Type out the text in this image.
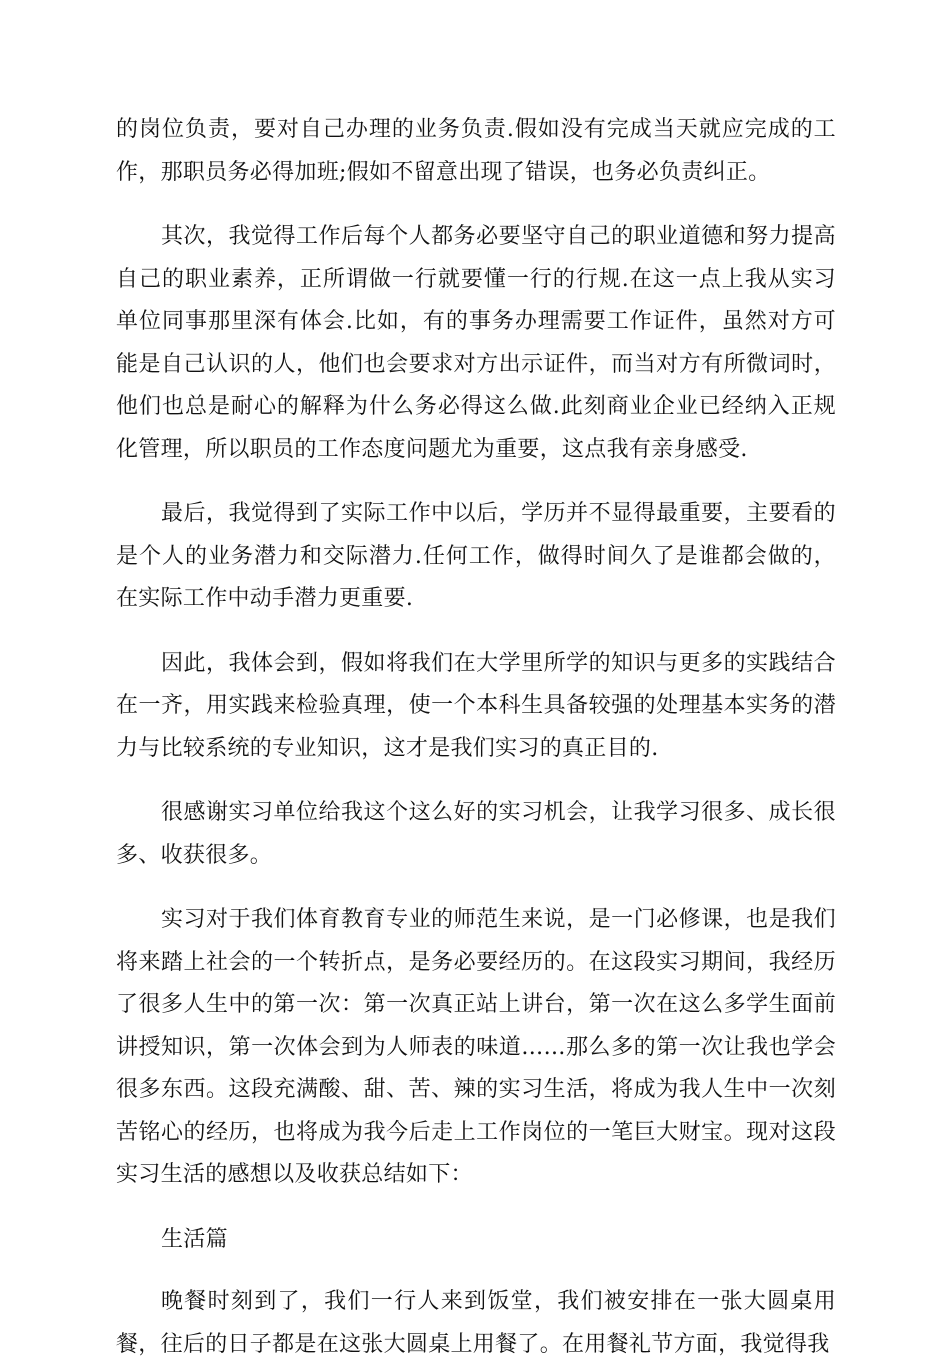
的岗位负责，要对自己办理的业务负责.假如没有完成当天就应完成的工作，那职员务必得加班;假如不留意出现了错误，也务必负责纠正。

其次，我觉得工作后每个人都务必要坚守自己的职业道德和努力提高自己的职业素养，正所谓做一行就要懂一行的行规.在这一点上我从实习单位同事那里深有体会.比如，有的事务办理需要工作证件，虽然对方可能是自己认识的人，他们也会要求对方出示证件，而当对方有所微词时，他们也总是耐心的解释为什么务必得这么做.此刻商业企业已经纳入正规化管理，所以职员的工作态度问题尤为重要，这点我有亲身感受.

最后，我觉得到了实际工作中以后，学历并不显得最重要，主要看的是个人的业务潜力和交际潜力.任何工作，做得时间久了是谁都会做的，在实际工作中动手潜力更重要.

因此，我体会到，假如将我们在大学里所学的知识与更多的实践结合在一齐，用实践来检验真理，使一个本科生具备较强的处理基本实务的潜力与比较系统的专业知识，这才是我们实习的真正目的.

很感谢实习单位给我这个这么好的实习机会，让我学习很多、成长很多、收获很多。

实习对于我们体育教育专业的师范生来说，是一门必修课，也是我们将来踏上社会的一个转折点，是务必要经历的。在这段实习期间，我经历了很多人生中的第一次：第一次真正站上讲台，第一次在这么多学生面前讲授知识，第一次体会到为人师表的味道……那么多的第一次让我也学会很多东西。这段充满酸、甜、苦、辣的实习生活，将成为我人生中一次刻苦铭心的经历，也将成为我今后走上工作岗位的一笔巨大财宝。现对这段实习生活的感想以及收获总结如下：

生活篇

晚餐时刻到了，我们一行人来到饭堂，我们被安排在一张大圆桌用餐，往后的日子都是在这张大圆桌上用餐了。在用餐礼节方面，我觉得我
